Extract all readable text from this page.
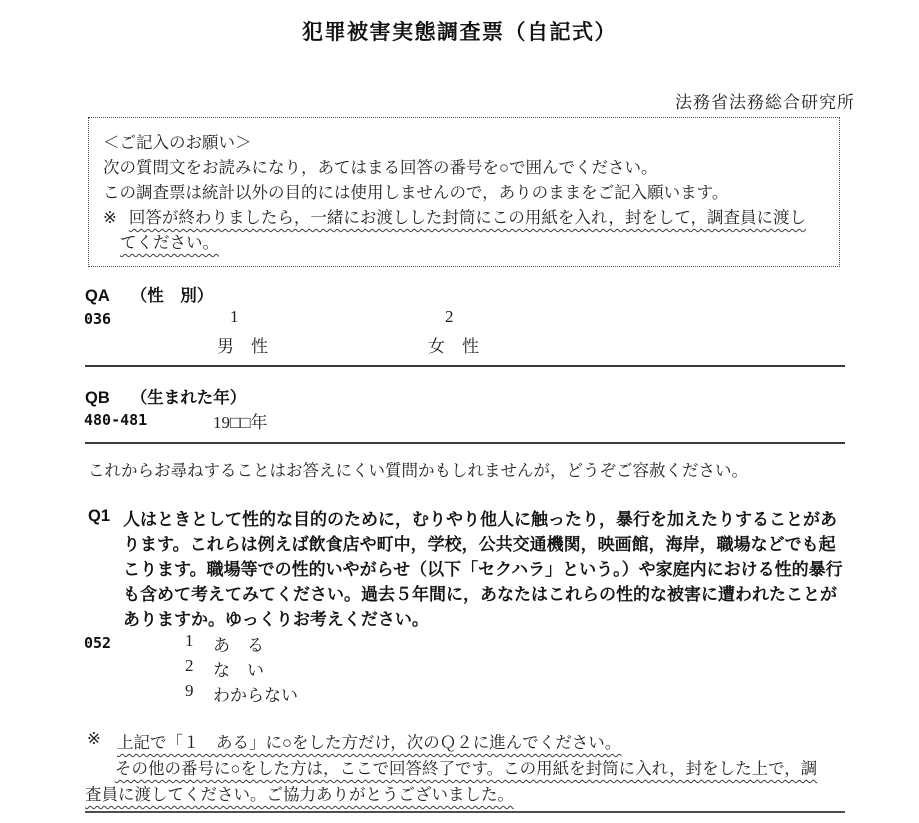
犯罪被害実態調査票（自記式）
法務省法務総合研究所
＜ご記入のお願い＞
次の質問文をお読みになり，あてはまる回答の番号を○で囲んでください。
この調査票は統計以外の目的には使用しませんので，ありのままをご記入願います。
※ 回答が終わりましたら，一緒にお渡しした封筒にこの用紙を入れ，封をして，調査員に渡し
てください。
QA （性　別）
036	1	2
男　性	女　性
QB （生まれた年）
480-481	19□□年
これからお尋ねすることはお答えにくい質問かもしれませんが，どうぞご容赦ください。
Q1 人はときとして性的な目的のために，むりやり他人に触ったり，暴行を加えたりすることがあ
ります。これらは例えば飲食店や町中，学校，公共交通機関，映画館，海岸，職場などでも起
こります。職場等での性的いやがらせ（以下「セクハラ」という。）や家庭内における性的暴行
も含めて考えてみてください。過去５年間に，あなたはこれらの性的な被害に遭われたことが
ありますか。ゆっくりお考えください。
052	1 あ　る
2 な　い
9 わからない
※ 上記で「１　ある」に○をした方だけ，次のＱ２に進んでください。
その他の番号に○をした方は，ここで回答終了です。この用紙を封筒に入れ，封をした上で，調
査員に渡してください。ご協力ありがとうございました。
